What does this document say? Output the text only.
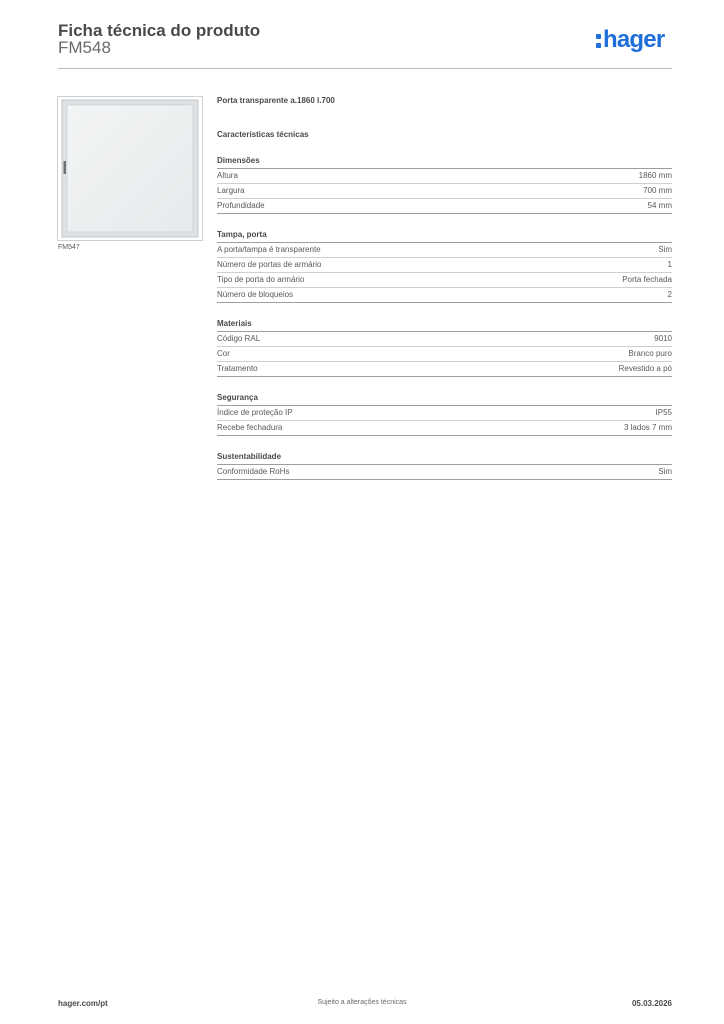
Ficha técnica do produto
FM548	hager
FM547
Porta transparente a.1860 l.700
Características técnicas
Dimensões
Altura	1860 mm
Largura	700 mm
Profundidade	54 mm
Tampa, porta
A porta/tampa é transparente	Sim
Número de portas de armário	1
Tipo de porta do armário	Porta fechada
Número de bloqueios	2
Materiais
Código RAL	9010
Cor	Branco puro
Tratamento	Revestido a pó
Segurança
Índice de proteção IP	IP55
Recebe fechadura	3 lados 7 mm
Sustentabilidade
Conformidade RoHs	Sim
hager.com/pt	Sujeito a alterações técnicas	05.03.2026
